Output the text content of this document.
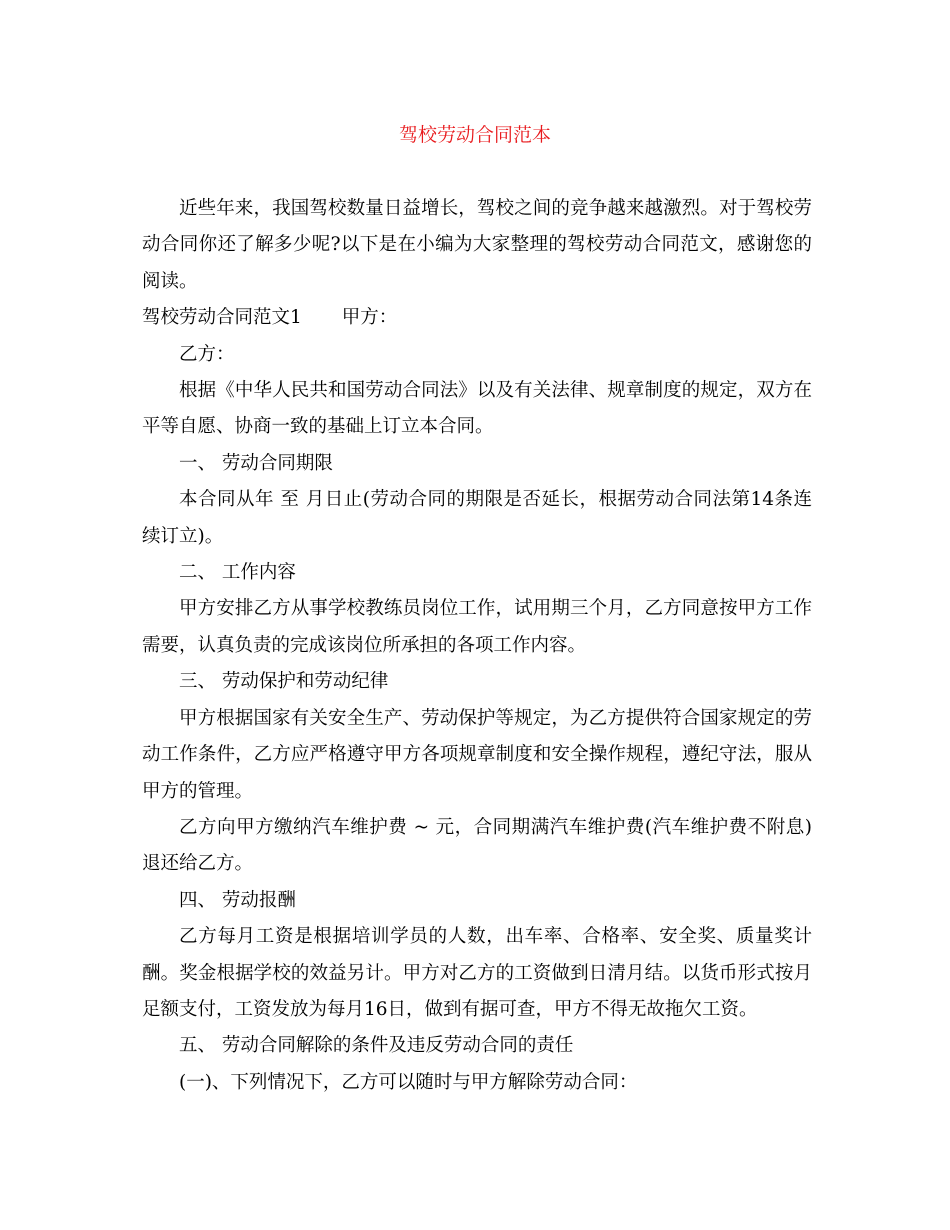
驾校劳动合同范本

近些年来，我国驾校数量日益增长，驾校之间的竞争越来越激烈。对于驾校劳动合同你还了解多少呢?以下是在小编为大家整理的驾校劳动合同范文，感谢您的阅读。

驾校劳动合同范文1 甲方：

乙方：

根据《中华人民共和国劳动合同法》以及有关法律、规章制度的规定，双方在平等自愿、协商一致的基础上订立本合同。

一、 劳动合同期限

本合同从年 至 月日止(劳动合同的期限是否延长，根据劳动合同法第14条连续订立)。

二、 工作内容

甲方安排乙方从事学校教练员岗位工作，试用期三个月，乙方同意按甲方工作需要，认真负责的完成该岗位所承担的各项工作内容。

三、 劳动保护和劳动纪律

甲方根据国家有关安全生产、劳动保护等规定，为乙方提供符合国家规定的劳动工作条件，乙方应严格遵守甲方各项规章制度和安全操作规程，遵纪守法，服从甲方的管理。

乙方向甲方缴纳汽车维护费 ~ 元，合同期满汽车维护费(汽车维护费不附息)退还给乙方。

四、 劳动报酬

乙方每月工资是根据培训学员的人数，出车率、合格率、安全奖、质量奖计酬。奖金根据学校的效益另计。甲方对乙方的工资做到日清月结。以货币形式按月足额支付，工资发放为每月16日，做到有据可查，甲方不得无故拖欠工资。

五、 劳动合同解除的条件及违反劳动合同的责任

(一)、下列情况下，乙方可以随时与甲方解除劳动合同：
